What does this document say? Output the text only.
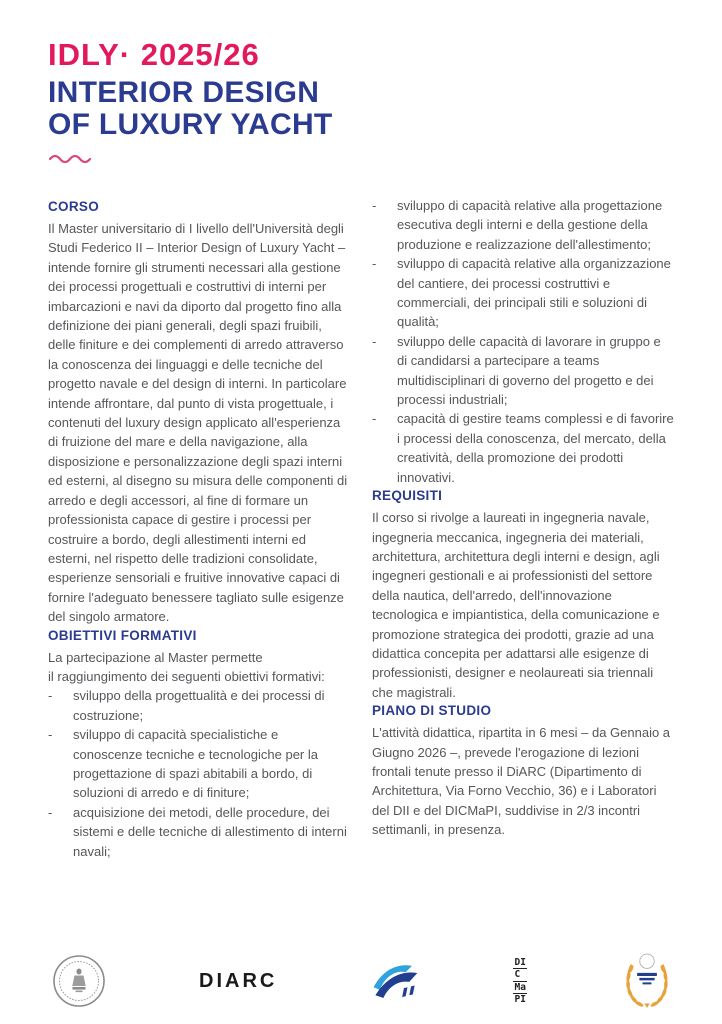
IDLY· 2025/26
INTERIOR DESIGN
OF LUXURY YACHT
CORSO

Il Master universitario di I livello dell'Università degli Studi Federico II – Interior Design of Luxury Yacht – intende fornire gli strumenti necessari alla gestione dei processi progettuali e costruttivi di interni per imbarcazioni e navi da diporto dal progetto fino alla definizione dei piani generali, degli spazi fruibili, delle finiture e dei complementi di arredo attraverso la conoscenza dei linguaggi e delle tecniche del progetto navale e del design di interni. In particolare intende affrontare, dal punto di vista progettuale, i contenuti del luxury design applicato all'esperienza di fruizione del mare e della navigazione, alla disposizione e personalizzazione degli spazi interni ed esterni, al disegno su misura delle componenti di arredo e degli accessori, al fine di formare un professionista capace di gestire i processi per costruire a bordo, degli allestimenti interni ed esterni, nel rispetto delle tradizioni consolidate, esperienze sensoriali e fruitive innovative capaci di fornire l'adeguato benessere tagliato sulle esigenze del singolo armatore.

OBIETTIVI FORMATIVI
La partecipazione al Master permette
il raggiungimento dei seguenti obiettivi formativi:
-	sviluppo della progettualità e dei processi di costruzione;
-	sviluppo di capacità specialistiche e conoscenze tecniche e tecnologiche per la progettazione di spazi abitabili a bordo, di soluzioni di arredo e di finiture;
-	acquisizione dei metodi, delle procedure, dei sistemi e delle tecniche di allestimento di interni navali;
-	sviluppo di capacità relative alla progettazione esecutiva degli interni e della gestione della produzione e realizzazione dell'allestimento;
-	sviluppo di capacità relative alla organizzazione del cantiere, dei processi costruttivi e commerciali, dei principali stili e soluzioni di qualità;
-	sviluppo delle capacità di lavorare in gruppo e di candidarsi a partecipare a teams multidisciplinari di governo del progetto e dei processi industriali;
-	capacità di gestire teams complessi e di favorire i processi della conoscenza, del mercato, della creatività, della promozione dei prodotti innovativi.
REQUISITI

Il corso si rivolge a laureati in ingegneria navale, ingegneria meccanica, ingegneria dei materiali, architettura, architettura degli interni e design, agli ingegneri gestionali e ai professionisti del settore della nautica, dell'arredo, dell'innovazione tecnologica e impiantistica, della comunicazione e promozione strategica dei prodotti, grazie ad una didattica concepita per adattarsi alle esigenze di professionisti, designer e neolaureati sia triennali che magistrali.

PIANO DI STUDIO

L'attività didattica, ripartita in 6 mesi – da Gennaio a Giugno 2026 –, prevede l'erogazione di lezioni frontali tenute presso il DiARC (Dipartimento di Architettura, Via Forno Vecchio, 36) e i Laboratori del DII e del DICMaPI, suddivise in 2/3 incontri settimanli, in presenza.

DIARC
DI
C
Ma
PI
